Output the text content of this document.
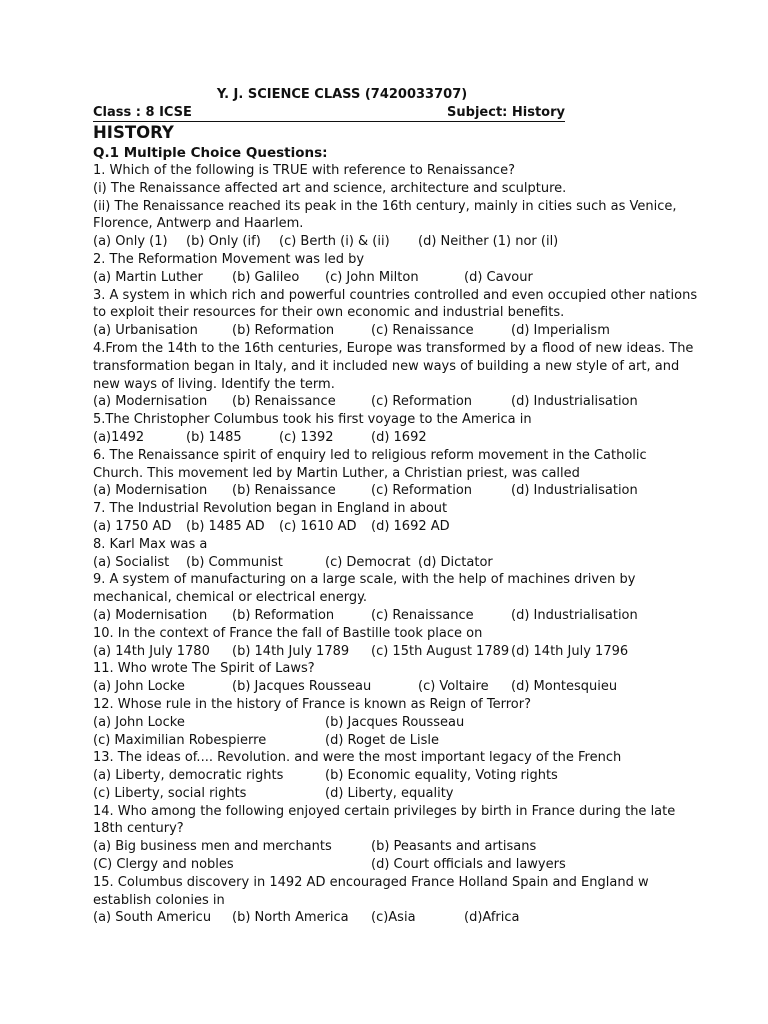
Y. J. SCIENCE CLASS (7420033707)
Class : 8 ICSE	Subject: History
HISTORY
Q.1 Multiple Choice Questions:
1. Which of the following is TRUE with reference to Renaissance?
(i) The Renaissance affected art and science, architecture and sculpture.
(ii) The Renaissance reached its peak in the 16th century, mainly in cities such as Venice,
Florence, Antwerp and Haarlem.
(a) Only (1) (b) Only (if) (c) Berth (i) & (ii) (d) Neither (1) nor (il)
2. The Reformation Movement was led by
(a) Martin Luther (b) Galileo (c) John Milton	(d) Cavour
3. A system in which rich and powerful countries controlled and even occupied other nations
to exploit their resources for their own economic and industrial benefits.
(a) Urbanisation	(b) Reformation	(c) Renaissance	(d) Imperialism
4.From the 14th to the 16th centuries, Europe was transformed by a flood of new ideas. The
transformation began in Italy, and it included new ways of building a new style of art, and
new ways of living. Identify the term.
(a) Modernisation (b) Renaissance	(c) Reformation	(d) Industrialisation
5.The Christopher Columbus took his first voyage to the America in
(a)1492	(b) 1485	(c) 1392	(d) 1692
6. The Renaissance spirit of enquiry led to religious reform movement in the Catholic
Church. This movement led by Martin Luther, a Christian priest, was called
(a) Modernisation (b) Renaissance	(c) Reformation	(d) Industrialisation
7. The Industrial Revolution began in England in about
(a) 1750 AD (b) 1485 AD (c) 1610 AD (d) 1692 AD
8. Karl Max was a
(a) Socialist (b) Communist	(c) Democrat (d) Dictator
9. A system of manufacturing on a large scale, with the help of machines driven by
mechanical, chemical or electrical energy.
(a) Modernisation (b) Reformation	(c) Renaissance	(d) Industrialisation
10. In the context of France the fall of Bastille took place on
(a) 14th July 1780 (b) 14th July 1789 (c) 15th August 1789 (d) 14th July 1796
11. Who wrote The Spirit of Laws?
(a) John Locke	(b) Jacques Rousseau	(c) Voltaire (d) Montesquieu
12. Whose rule in the history of France is known as Reign of Terror?
(a) John Locke	(b) Jacques Rousseau
(c) Maximilian Robespierre	(d) Roget de Lisle
13. The ideas of.... Revolution. and were the most important legacy of the French
(a) Liberty, democratic rights	(b) Economic equality, Voting rights
(c) Liberty, social rights	(d) Liberty, equality
14. Who among the following enjoyed certain privileges by birth in France during the late
18th century?
(a) Big business men and merchants	(b) Peasants and artisans
(C) Clergy and nobles	(d) Court officials and lawyers
15. Columbus discovery in 1492 AD encouraged France Holland Spain and England w
establish colonies in
(a) South Americu (b) North America (c)Asia	(d)Africa
